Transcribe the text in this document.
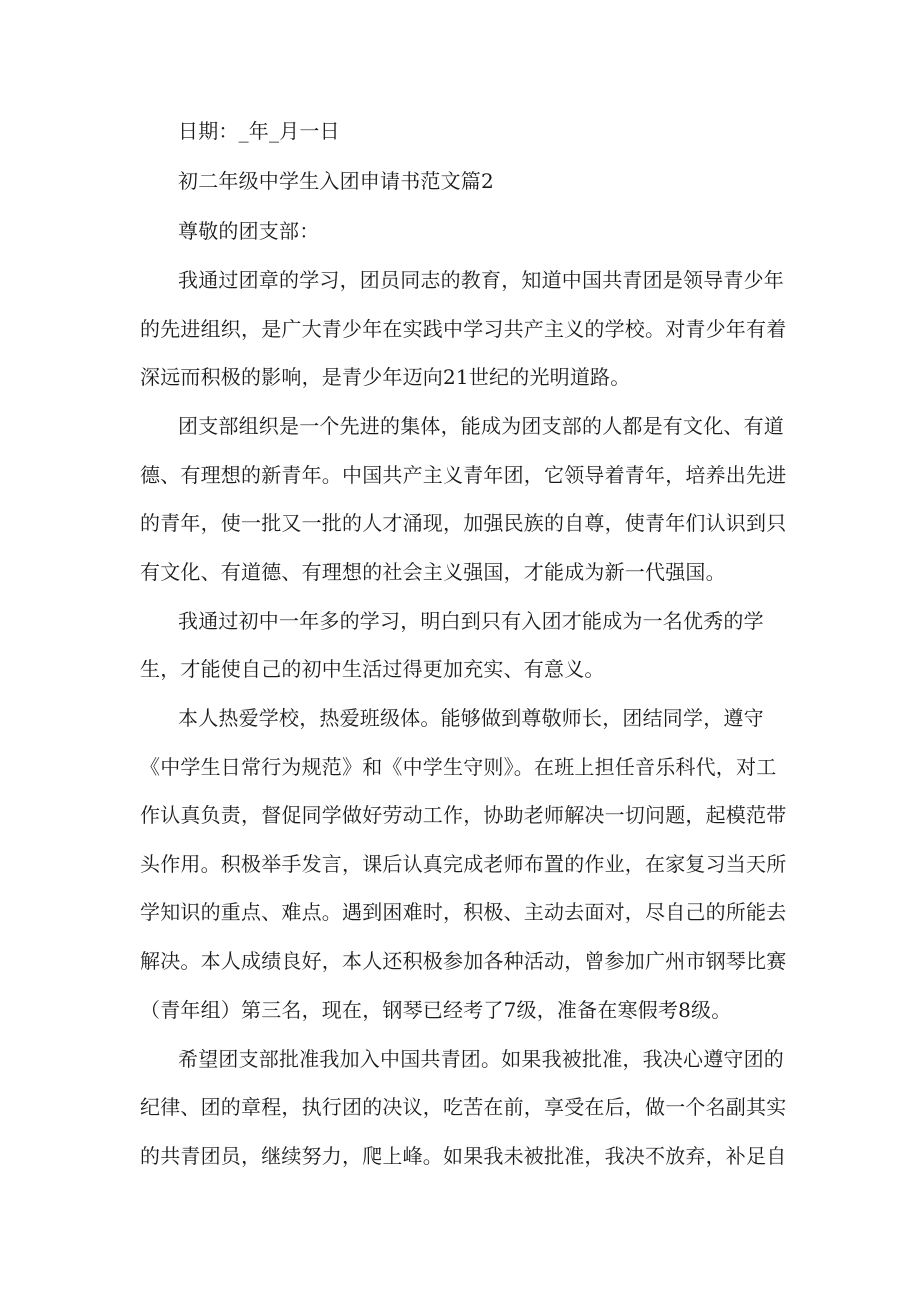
日期：_年_月一日
初二年级中学生入团申请书范文篇2
尊敬的团支部：
我通过团章的学习，团员同志的教育，知道中国共青团是领导青少年
的先进组织，是广大青少年在实践中学习共产主义的学校。对青少年有着
深远而积极的影响，是青少年迈向21世纪的光明道路。
团支部组织是一个先进的集体，能成为团支部的人都是有文化、有道
德、有理想的新青年。中国共产主义青年团，它领导着青年，培养出先进
的青年，使一批又一批的人才涌现，加强民族的自尊，使青年们认识到只
有文化、有道德、有理想的社会主义强国，才能成为新一代强国。
我通过初中一年多的学习，明白到只有入团才能成为一名优秀的学
生，才能使自己的初中生活过得更加充实、有意义。
本人热爱学校，热爱班级体。能够做到尊敬师长，团结同学，遵守
《中学生日常行为规范》和《中学生守则》。在班上担任音乐科代，对工
作认真负责，督促同学做好劳动工作，协助老师解决一切问题，起模范带
头作用。积极举手发言，课后认真完成老师布置的作业，在家复习当天所
学知识的重点、难点。遇到困难时，积极、主动去面对，尽自己的所能去
解决。本人成绩良好，本人还积极参加各种活动，曾参加广州市钢琴比赛
（青年组）第三名，现在，钢琴已经考了7级，准备在寒假考8级。
希望团支部批准我加入中国共青团。如果我被批准，我决心遵守团的
纪律、团的章程，执行团的决议，吃苦在前，享受在后，做一个名副其实
的共青团员，继续努力，爬上峰。如果我未被批准，我决不放弃，补足自
